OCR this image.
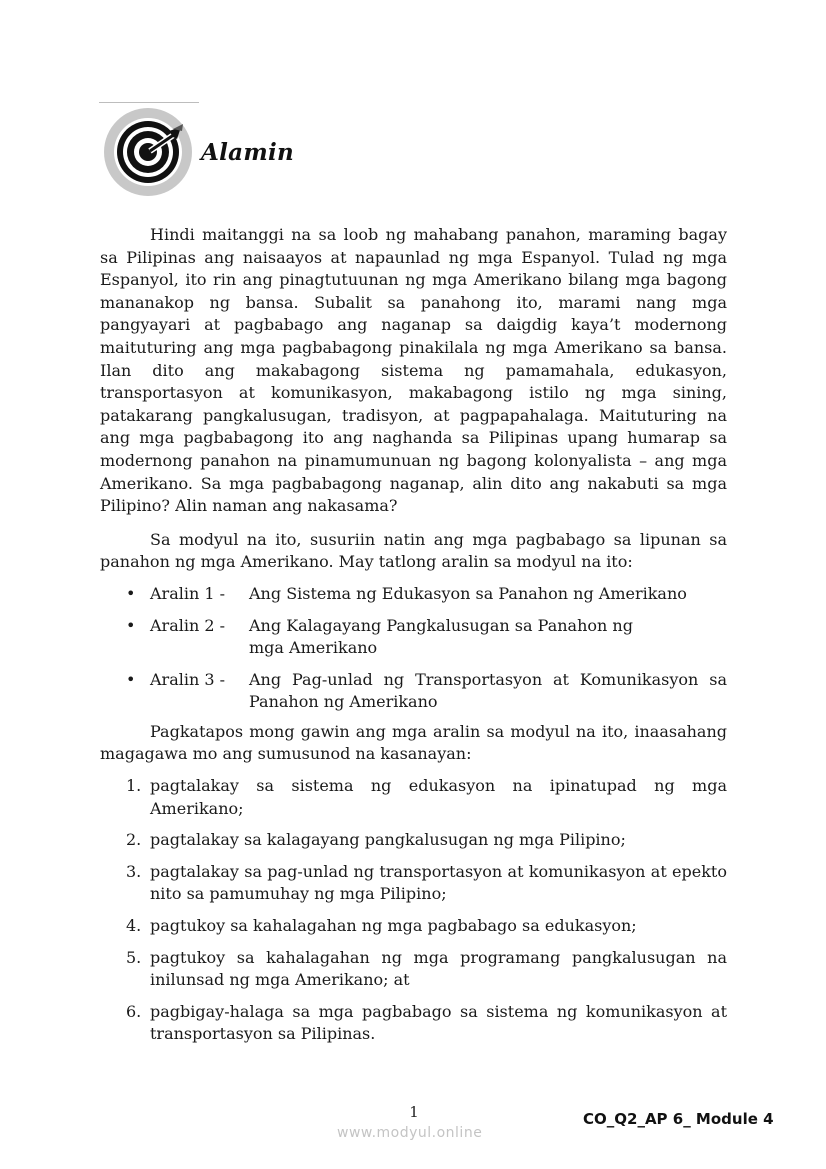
Alamin

Hindi maitanggi na sa loob ng mahabang panahon, maraming bagay sa Pilipinas ang naisaayos at napaunlad ng mga Espanyol. Tulad ng mga Espanyol, ito rin ang pinagtutuunan ng mga Amerikano bilang mga bagong mananakop ng bansa. Subalit sa panahong ito, marami nang mga pangyayari at pagbabago ang naganap sa daigdig kaya’t modernong maituturing ang mga pagbabagong pinakilala ng mga Amerikano sa bansa. Ilan dito ang makabagong sistema ng pamamahala, edukasyon, transportasyon at komunikasyon, makabagong istilo ng mga sining, patakarang pangkalusugan, tradisyon, at pagpapahalaga. Maituturing na ang mga pagbabagong ito ang naghanda sa Pilipinas upang humarap sa modernong panahon na pinamumunuan ng bagong kolonyalista – ang mga Amerikano. Sa mga pagbabagong naganap, alin dito ang nakabuti sa mga Pilipino? Alin naman ang nakasama?

Sa modyul na ito, susuriin natin ang mga pagbabago sa lipunan sa panahon ng mga Amerikano. May tatlong aralin sa modyul na ito:

• Aralin 1 -	Ang Sistema ng Edukasyon sa Panahon ng Amerikano
• Aralin 2 -	Ang Kalagayang Pangkalusugan sa Panahon ng mga Amerikano
• Aralin 3 -	Ang Pag-unlad ng Transportasyon at Komunikasyon sa Panahon ng Amerikano

Pagkatapos mong gawin ang mga aralin sa modyul na ito, inaasahang magagawa mo ang sumusunod na kasanayan:

1. pagtalakay sa sistema ng edukasyon na ipinatupad ng mga Amerikano;
2. pagtalakay sa kalagayang pangkalusugan ng mga Pilipino;
3. pagtalakay sa pag-unlad ng transportasyon at komunikasyon at epekto nito sa pamumuhay ng mga Pilipino;
4. pagtukoy sa kahalagahan ng mga pagbabago sa edukasyon;
5. pagtukoy sa kahalagahan ng mga programang pangkalusugan na inilunsad ng mga Amerikano; at
6. pagbigay-halaga sa mga pagbabago sa sistema ng komunikasyon at transportasyon sa Pilipinas.
1
www.modyul.online
CO_Q2_AP 6_ Module 4
